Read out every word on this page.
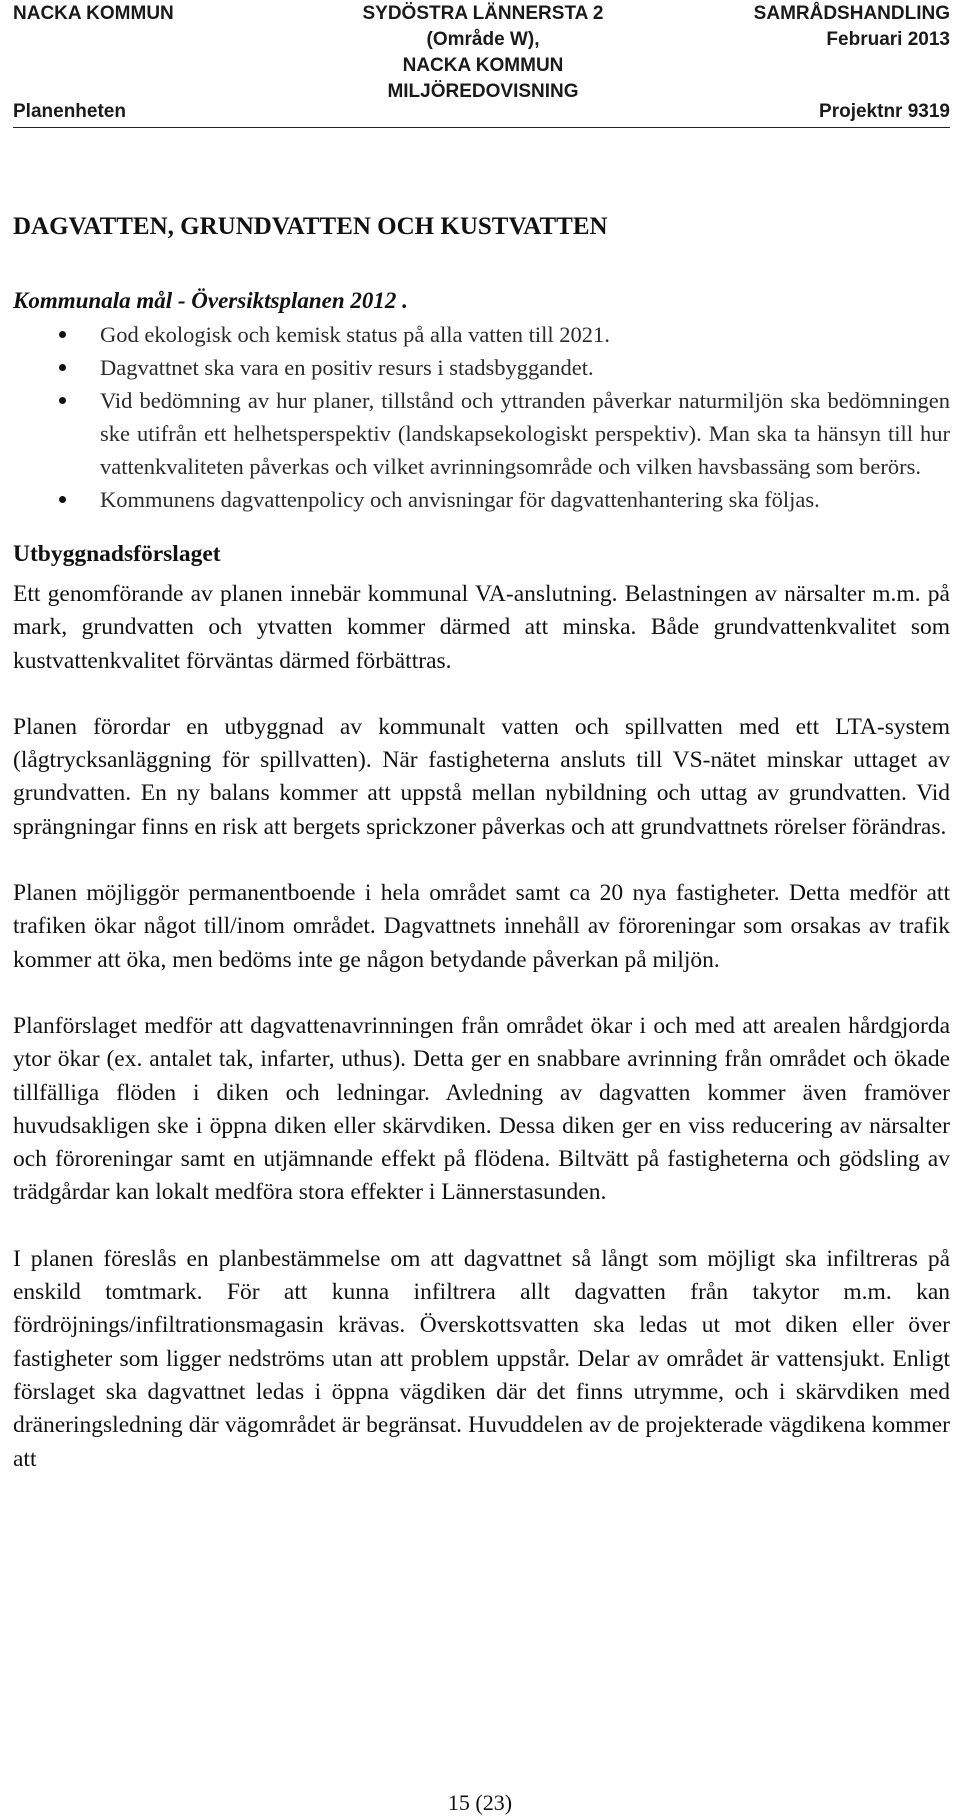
NACKA KOMMUN	SYDÖSTRA LÄNNERSTA 2
(Område W),
NACKA KOMMUN
MILJÖREDOVISNING
SAMRÅDSHANDLING
Februari 2013
Planenheten	Projektnr 9319
DAGVATTEN, GRUNDVATTEN OCH KUSTVATTEN
Kommunala mål - Översiktsplanen 2012 .
God ekologisk och kemisk status på alla vatten till 2021.
Dagvattnet ska vara en positiv resurs i stadsbyggandet.
Vid bedömning av hur planer, tillstånd och yttranden påverkar naturmiljön ska bedömningen ske utifrån ett helhetsperspektiv (landskapsekologiskt perspektiv). Man ska ta hänsyn till hur vattenkvaliteten påverkas och vilket avrinningsområde och vilken havsbassäng som berörs.
Kommunens dagvattenpolicy och anvisningar för dagvattenhantering ska följas.
Utbyggnadsförslaget

Ett genomförande av planen innebär kommunal VA-anslutning. Belastningen av närsalter m.m. på mark, grundvatten och ytvatten kommer därmed att minska. Både grundvattenkvalitet som kustvattenkvalitet förväntas därmed förbättras.

Planen förordar en utbyggnad av kommunalt vatten och spillvatten med ett LTA-system (lågtrycksanläggning för spillvatten). När fastigheterna ansluts till VS-nätet minskar uttaget av grundvatten. En ny balans kommer att uppstå mellan nybildning och uttag av grundvatten. Vid sprängningar finns en risk att bergets sprickzoner påverkas och att grundvattnets rörelser förändras.

Planen möjliggör permanentboende i hela området samt ca 20 nya fastigheter. Detta medför att trafiken ökar något till/inom området. Dagvattnets innehåll av föroreningar som orsakas av trafik kommer att öka, men bedöms inte ge någon betydande påverkan på miljön.

Planförslaget medför att dagvattenavrinningen från området ökar i och med att arealen hårdgjorda ytor ökar (ex. antalet tak, infarter, uthus). Detta ger en snabbare avrinning från området och ökade tillfälliga flöden i diken och ledningar. Avledning av dagvatten kommer även framöver huvudsakligen ske i öppna diken eller skärvdiken. Dessa diken ger en viss reducering av närsalter och föroreningar samt en utjämnande effekt på flödena. Biltvätt på fastigheterna och gödsling av trädgårdar kan lokalt medföra stora effekter i Lännerstasunden.

I planen föreslås en planbestämmelse om att dagvattnet så långt som möjligt ska infiltreras på enskild tomtmark. För att kunna infiltrera allt dagvatten från takytor m.m. kan fördröjnings/infiltrationsmagasin krävas. Överskottsvatten ska ledas ut mot diken eller över fastigheter som ligger nedströms utan att problem uppstår. Delar av området är vattensjukt. Enligt förslaget ska dagvattnet ledas i öppna vägdiken där det finns utrymme, och i skärvdiken med dräneringsledning där vägområdet är begränsat. Huvuddelen av de projekterade vägdikena kommer att

15 (23)
